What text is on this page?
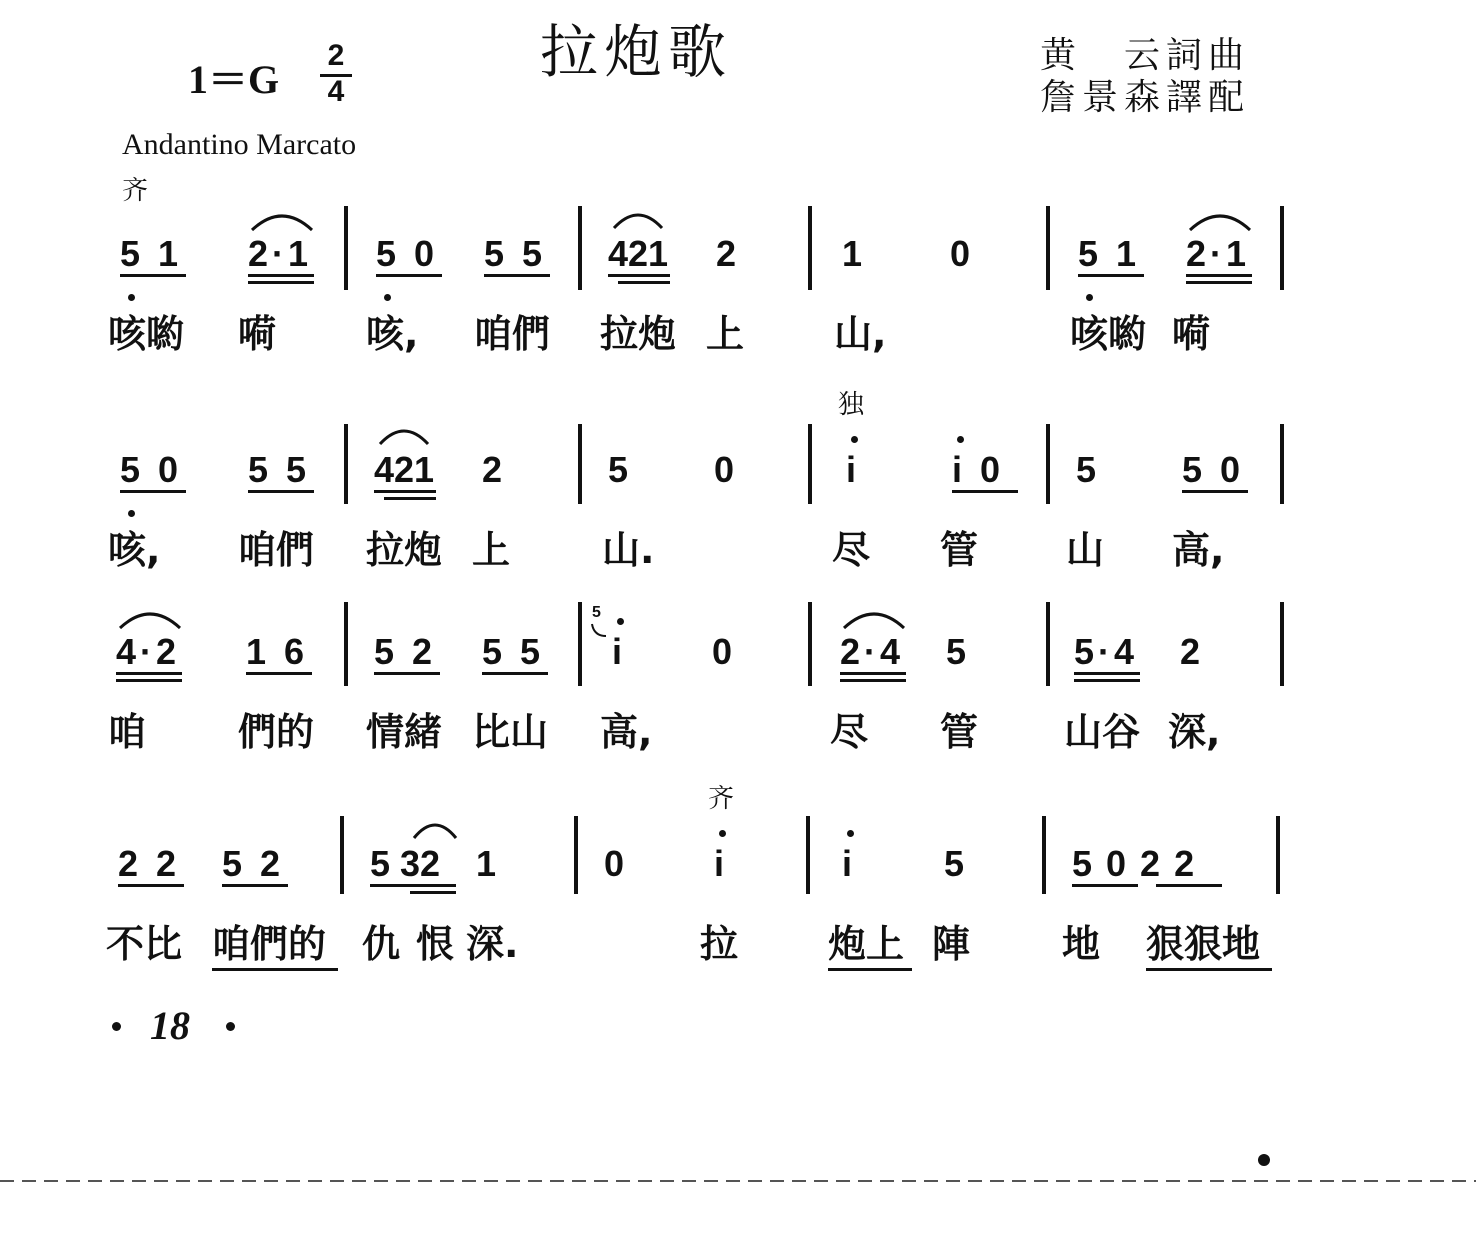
1＝G
2
4
拉炮歌	黄　云詞曲
詹景森譯配
Andantino Marcato
齐
5 1 2·1 5 0 5 5 421 2	1 0	5 1 2·1
咳喲 嗬 咳, 咱們 拉炮 上 山,	咳喲 嗬
独
5 0 5 5 421 2	5 0	i	i 0 5 5 0
咳, 咱們 拉炮 上 山.	尽 管 山 高,
4·2 1 6 5 2 5 5
5
i 0	2·4 5	5·4 2
咱 們的 情緒 比山 高,	尽 管 山谷 深,
齐
2 2 5 2 5 32 1	0 i	i 5	5 0 2 2
不比 咱們的 仇 恨 深.	拉 炮上 陣 地 狠狠地
18
